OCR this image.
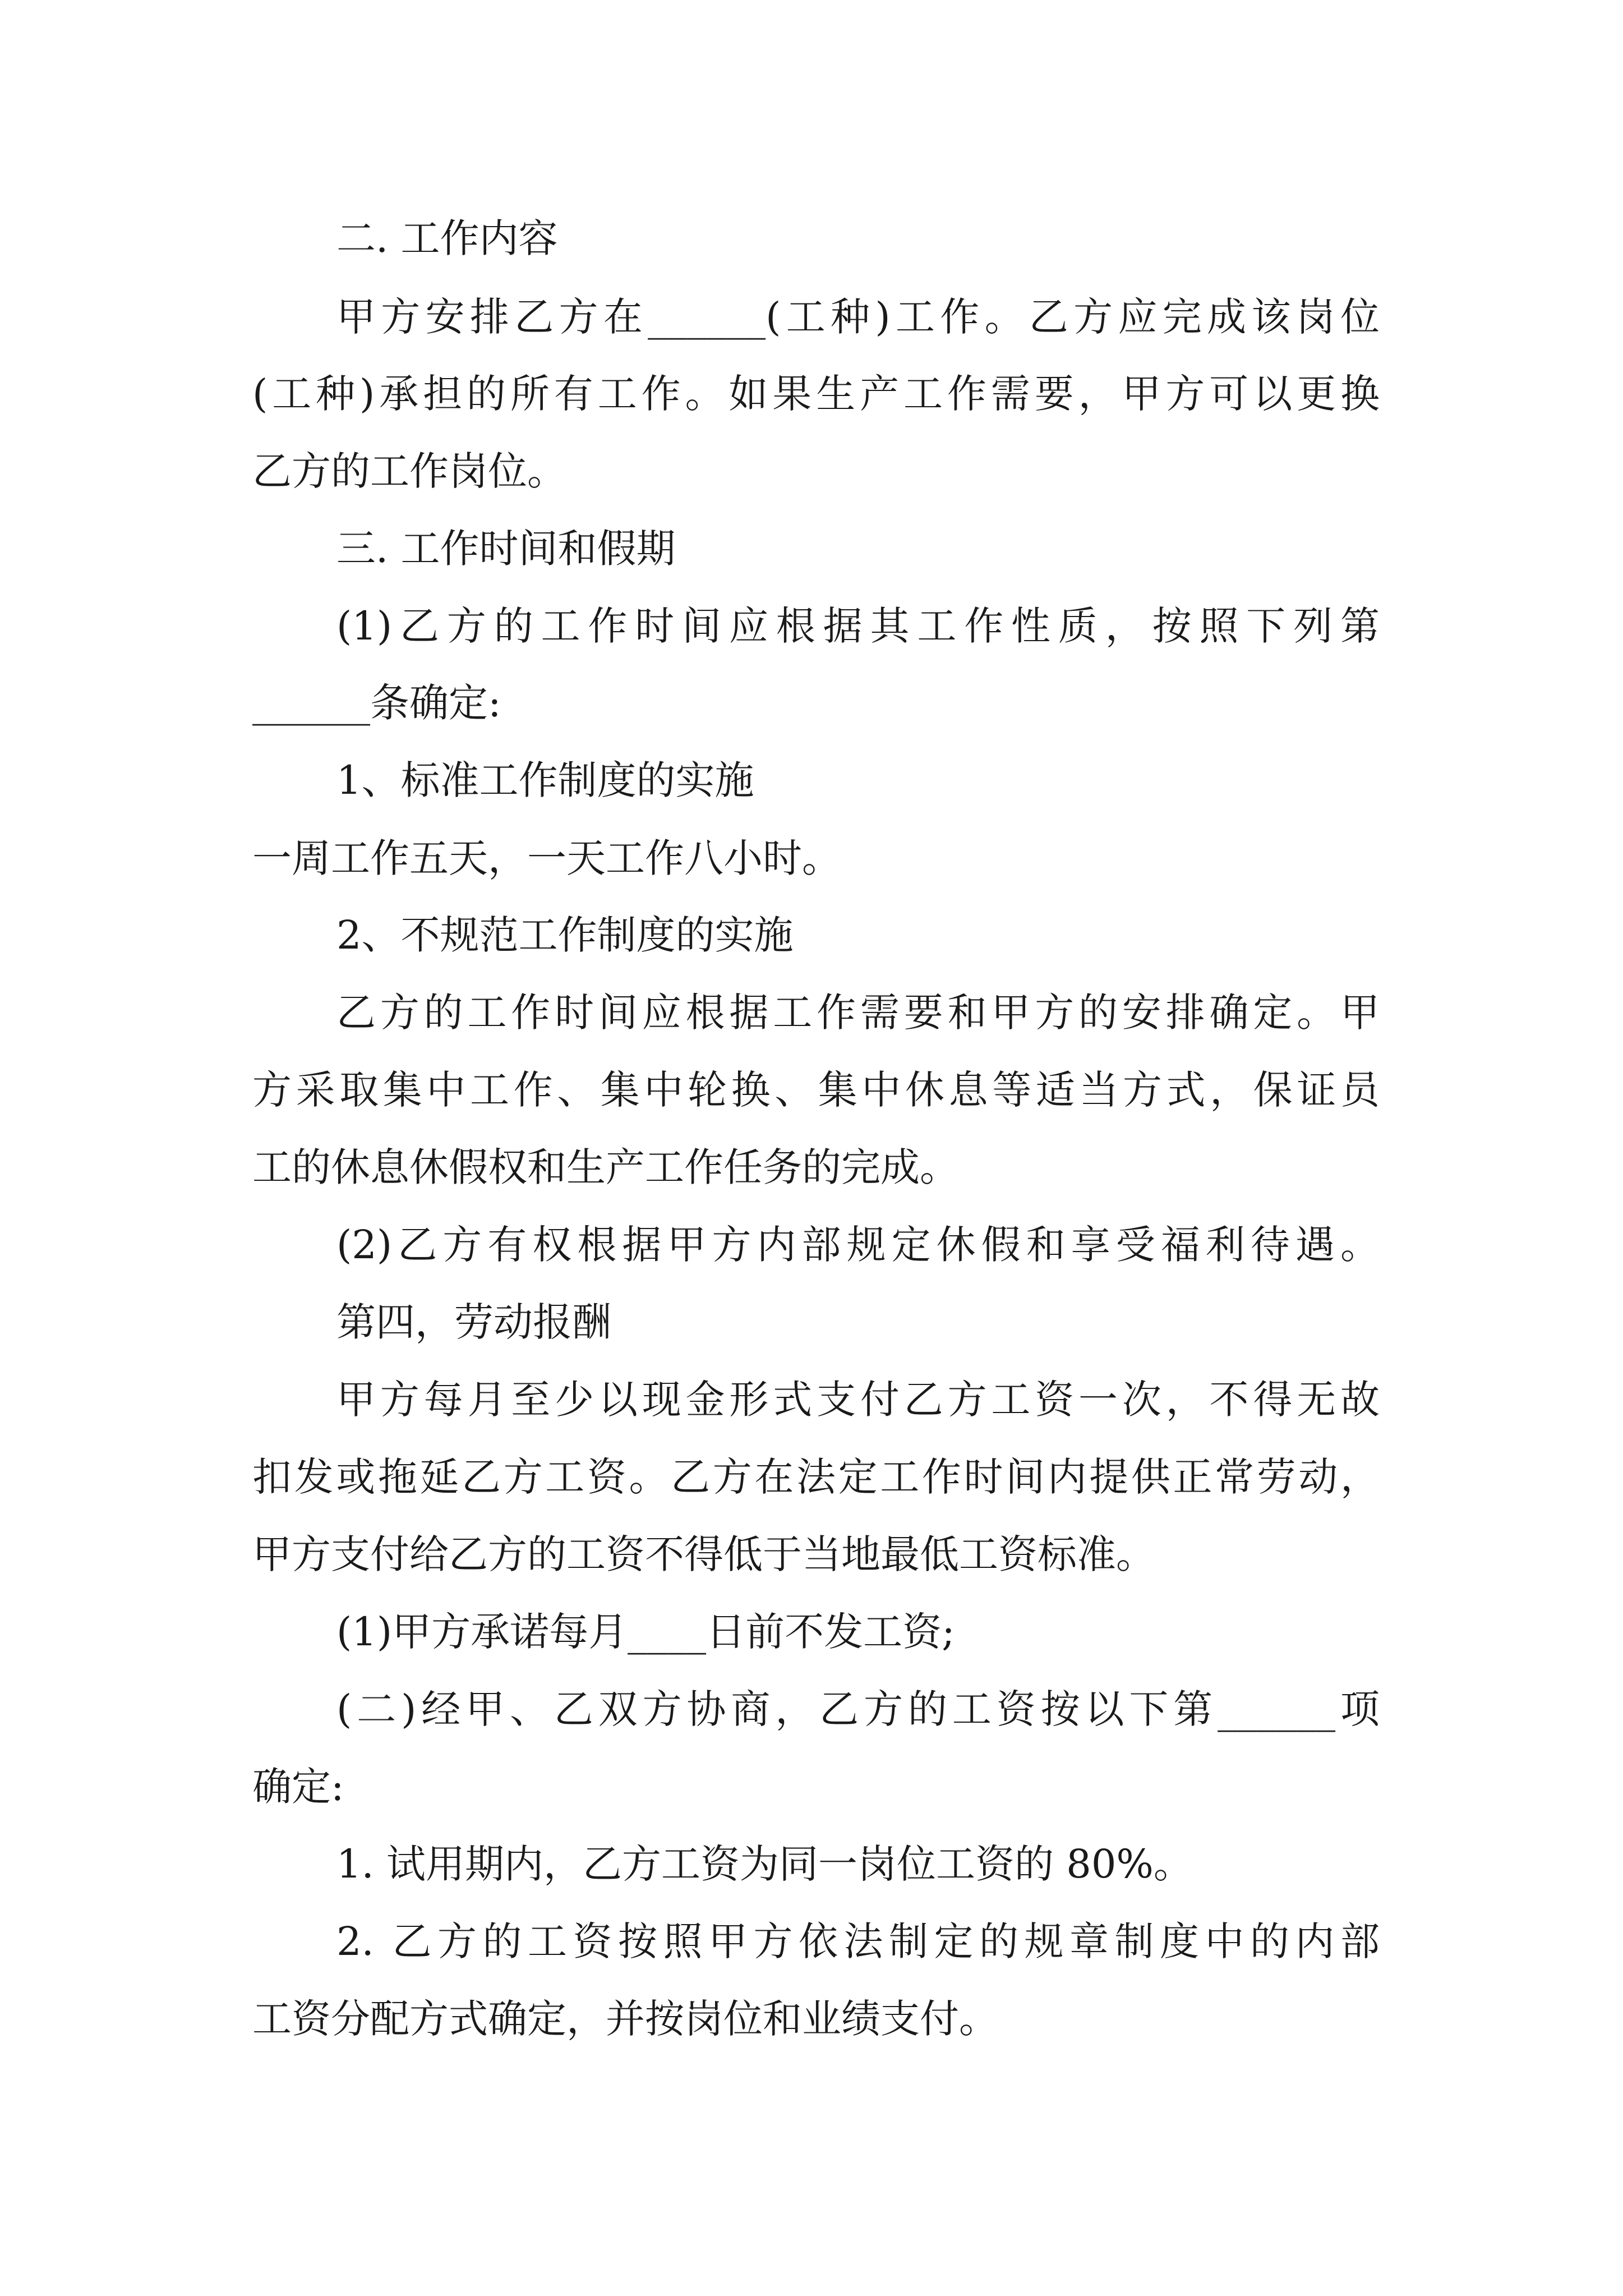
二. 工作内容
甲方安排乙方在______(工种)工作。乙方应完成该岗位
(工种)承担的所有工作。如果生产工作需要，甲方可以更换
乙方的工作岗位。
三. 工作时间和假期
(1)乙方的工作时间应根据其工作性质，按照下列第
______条确定:
1、标准工作制度的实施
一周工作五天，一天工作八小时。
2、不规范工作制度的实施
乙方的工作时间应根据工作需要和甲方的安排确定。甲
方采取集中工作、集中轮换、集中休息等适当方式，保证员
工的休息休假权和生产工作任务的完成。
(2)乙方有权根据甲方内部规定休假和享受福利待遇。
第四，劳动报酬
甲方每月至少以现金形式支付乙方工资一次，不得无故
扣发或拖延乙方工资。乙方在法定工作时间内提供正常劳动，
甲方支付给乙方的工资不得低于当地最低工资标准。
(1)甲方承诺每月____日前不发工资;
(二)经甲、乙双方协商，乙方的工资按以下第______项
确定:
1. 试用期内，乙方工资为同一岗位工资的 80%。
2. 乙方的工资按照甲方依法制定的规章制度中的内部
工资分配方式确定，并按岗位和业绩支付。
